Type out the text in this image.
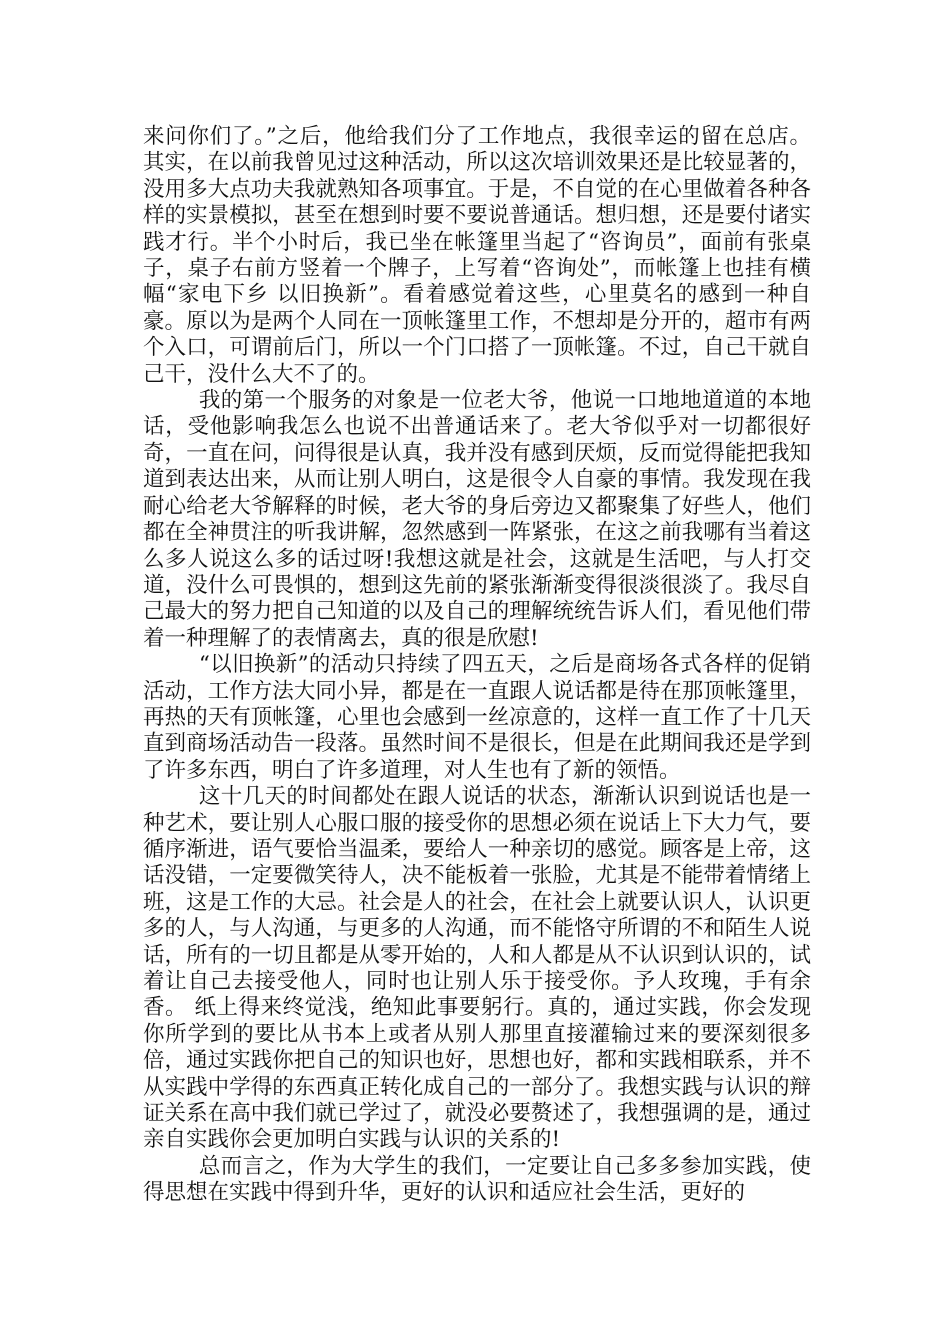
来问你们了。”之后，他给我们分了工作地点，我很幸运的留在总店。 其实，在以前我曾见过这种活动，所以这次培训效果还是比较显著的，没用多大点功夫我就熟知各项事宜。于是，不自觉的在心里做着各种各样的实景模拟，甚至在想到时要不要说普通话。想归想，还是要付诸实践才行。半个小时后，我已坐在帐篷里当起了“咨询员”，面前有张桌子，桌子右前方竖着一个牌子，上写着“咨询处”，而帐篷上也挂有横幅“家电下乡 以旧换新”。看着感觉着这些，心里莫名的感到一种自豪。原以为是两个人同在一顶帐篷里工作，不想却是分开的，超市有两个入口，可谓前后门，所以一个门口搭了一顶帐篷。不过，自己干就自己干，没什么大不了的。

我的第一个服务的对象是一位老大爷，他说一口地地道道的本地话，受他影响我怎么也说不出普通话来了。老大爷似乎对一切都很好奇，一直在问，问得很是认真，我并没有感到厌烦，反而觉得能把我知道到表达出来，从而让别人明白，这是很令人自豪的事情。我发现在我耐心给老大爷解释的时候，老大爷的身后旁边又都聚集了好些人，他们都在全神贯注的听我讲解，忽然感到一阵紧张，在这之前我哪有当着这么多人说这么多的话过呀!我想这就是社会，这就是生活吧，与人打交道，没什么可畏惧的，想到这先前的紧张渐渐变得很淡很淡了。我尽自己最大的努力把自己知道的以及自己的理解统统告诉人们，看见他们带着一种理解了的表情离去，真的很是欣慰!

“以旧换新”的活动只持续了四五天，之后是商场各式各样的促销活动，工作方法大同小异，都是在一直跟人说话都是待在那顶帐篷里，再热的天有顶帐篷，心里也会感到一丝凉意的，这样一直工作了十几天直到商场活动告一段落。虽然时间不是很长，但是在此期间我还是学到了许多东西，明白了许多道理，对人生也有了新的领悟。

这十几天的时间都处在跟人说话的状态，渐渐认识到说话也是一种艺术，要让别人心服口服的接受你的思想必须在说话上下大力气，要循序渐进，语气要恰当温柔，要给人一种亲切的感觉。顾客是上帝，这话没错，一定要微笑待人，决不能板着一张脸，尤其是不能带着情绪上班，这是工作的大忌。社会是人的社会，在社会上就要认识人，认识更多的人，与人沟通，与更多的人沟通，而不能恪守所谓的不和陌生人说话，所有的一切且都是从零开始的，人和人都是从不认识到认识的，试着让自己去接受他人，同时也让别人乐于接受你。予人玫瑰，手有余香。 纸上得来终觉浅，绝知此事要躬行。真的，通过实践，你会发现你所学到的要比从书本上或者从别人那里直接灌输过来的要深刻很多倍，通过实践你把自己的知识也好，思想也好，都和实践相联系，并不从实践中学得的东西真正转化成自己的一部分了。我想实践与认识的辩证关系在高中我们就已学过了，就没必要赘述了，我想强调的是，通过亲自实践你会更加明白实践与认识的关系的!

总而言之，作为大学生的我们，一定要让自己多多参加实践，使得思想在实践中得到升华，更好的认识和适应社会生活，更好的
